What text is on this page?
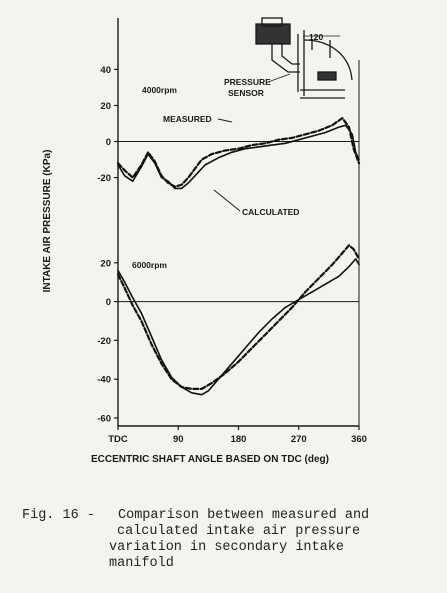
40
20
0
-20
20
0
-20
-40
-60
TDC	90	180	270	360
4000rpm
6000rpm
MEASURED
CALCULATED
120
PRESSURE
SENSOR
INTAKE AIR PRESSURE (KPa)
ECCENTRIC SHAFT ANGLE BASED ON TDC (deg)
Fig. 16 - Comparison between measured and
calculated intake air pressure
variation in secondary intake
manifold
